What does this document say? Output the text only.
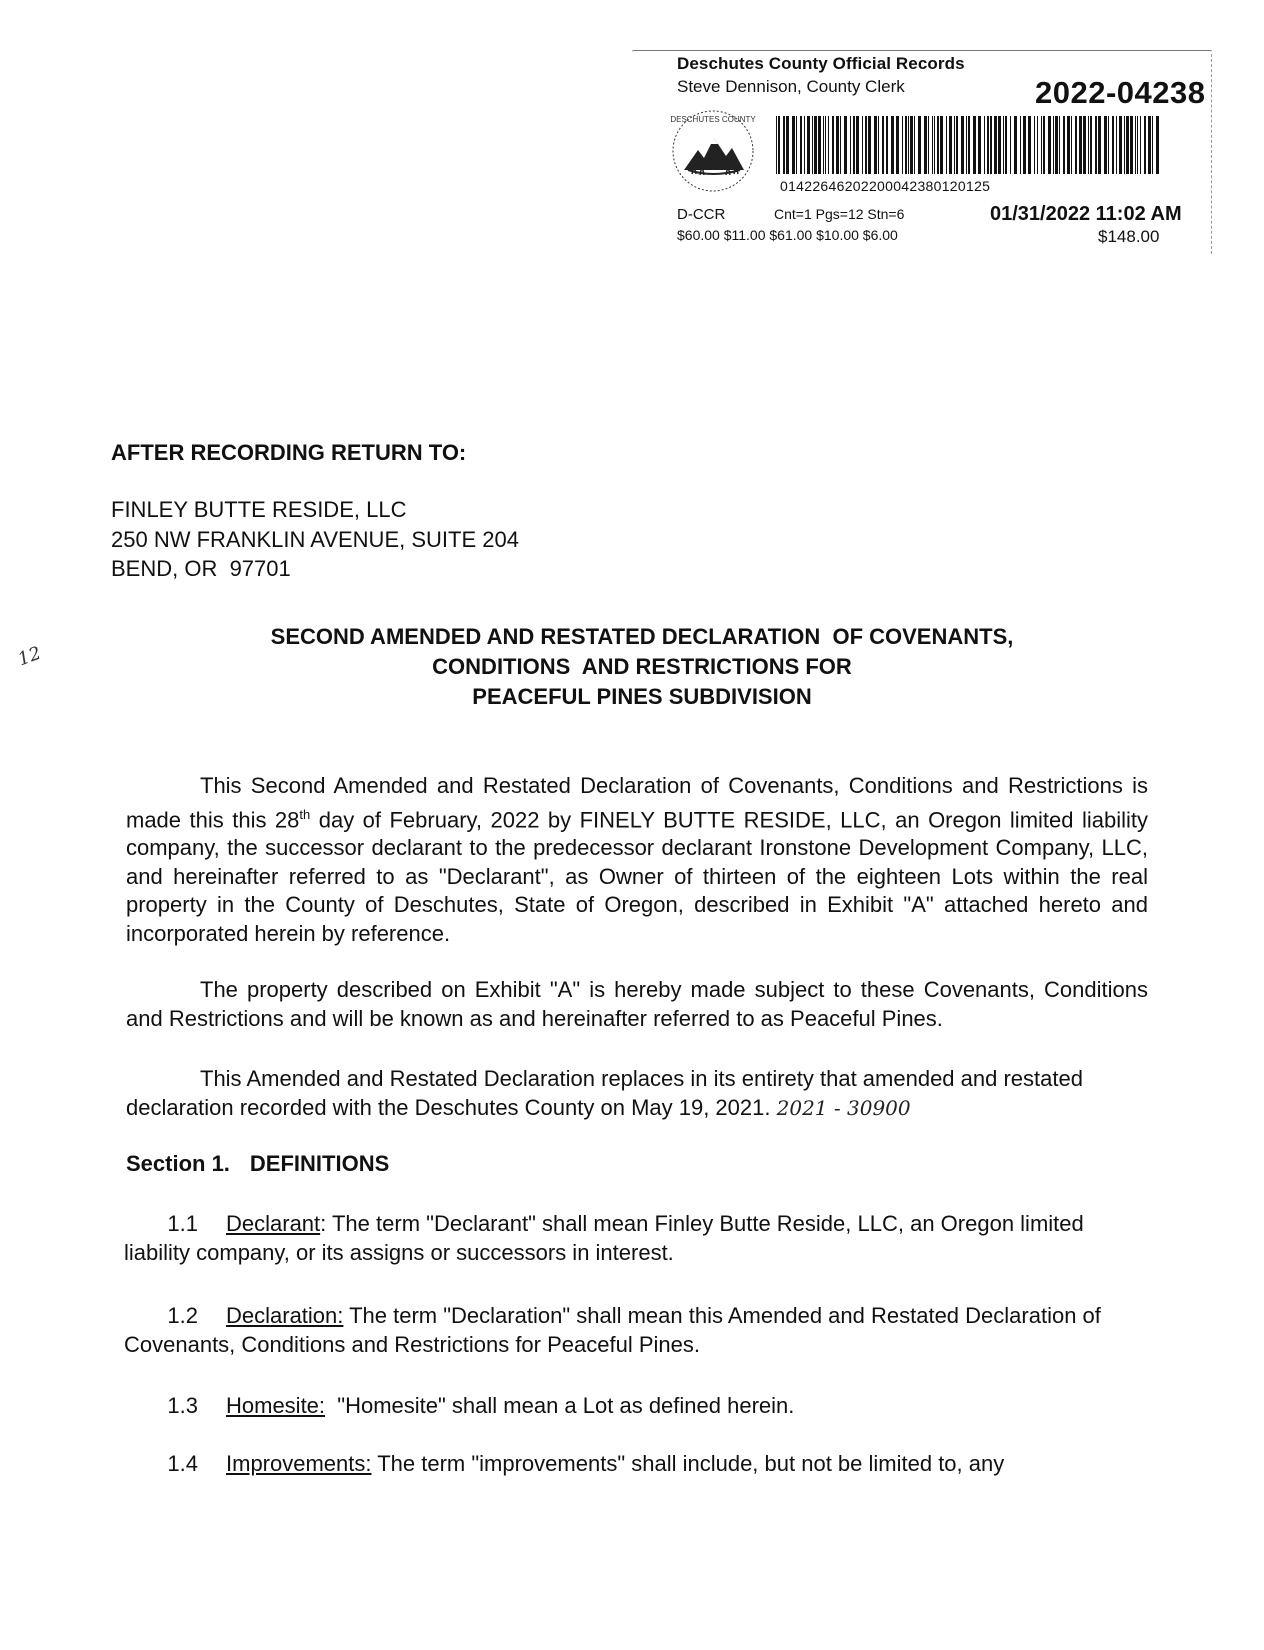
Deschutes County Official Records
Steve Dennison, County Clerk	2022-04238
DESCHUTES COUNTY
01422646202200042380120125
D-CCR	Cnt=1 Pgs=12 Stn=6
$60.00 $11.00 $61.00 $10.00 $6.00
01/31/2022 11:02 AM
$148.00
AFTER RECORDING RETURN TO:
FINLEY BUTTE RESIDE, LLC
250 NW FRANKLIN AVENUE, SUITE 204
BEND, OR  97701
12
SECOND AMENDED AND RESTATED DECLARATION  OF COVENANTS,
CONDITIONS  AND RESTRICTIONS FOR
PEACEFUL PINES SUBDIVISION
This Second Amended and Restated Declaration of Covenants, Conditions and Restrictions is made this this 28th day of February, 2022 by FINELY BUTTE RESIDE, LLC, an Oregon limited liability company, the successor declarant to the predecessor declarant Ironstone Development Company, LLC, and hereinafter referred to as "Declarant", as Owner of thirteen of the eighteen Lots within the real property in the County of Deschutes, State of Oregon, described in Exhibit "A" attached hereto and incorporated herein by reference.
The property described on Exhibit "A" is hereby made subject to these Covenants, Conditions and Restrictions and will be known as and hereinafter referred to as Peaceful Pines.
This Amended and Restated Declaration replaces in its entirety that amended and restated declaration recorded with the Deschutes County on May 19, 2021. 2021 - 30900
Section 1. DEFINITIONS
1.1 Declarant: The term "Declarant" shall mean Finley Butte Reside, LLC, an Oregon limited liability company, or its assigns or successors in interest.
1.2 Declaration: The term "Declaration" shall mean this Amended and Restated Declaration of Covenants, Conditions and Restrictions for Peaceful Pines.
1.3 Homesite:  "Homesite" shall mean a Lot as defined herein.
1.4 Improvements: The term "improvements" shall include, but not be limited to, any
